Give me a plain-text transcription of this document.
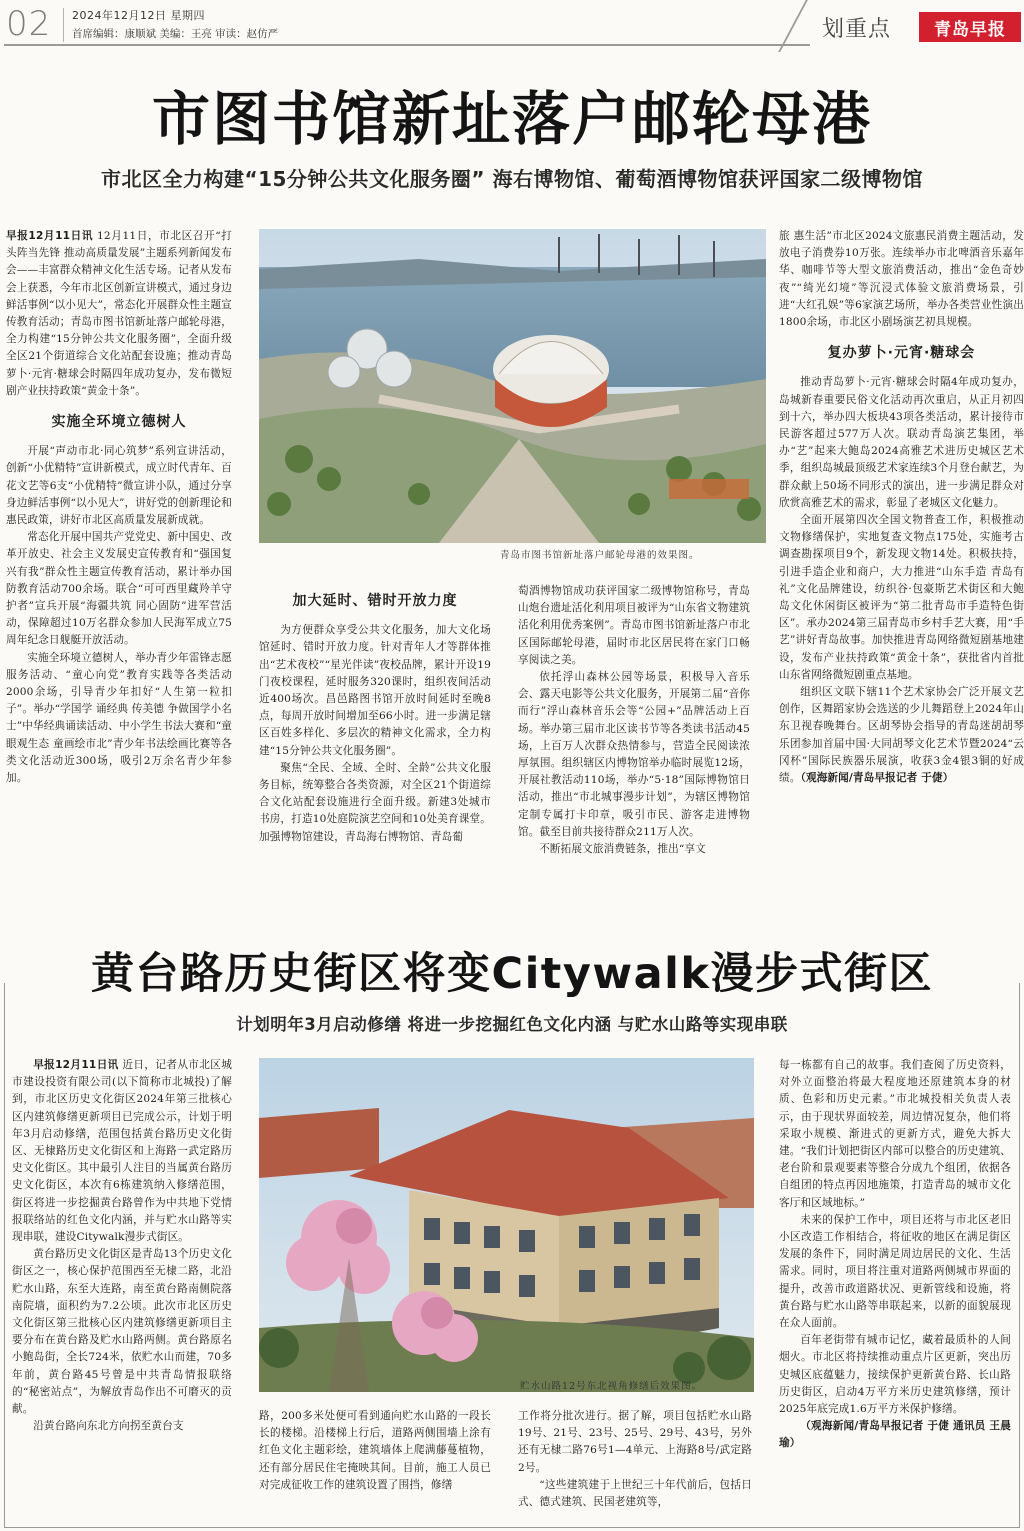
02 2024年12月12日 星期四
首席编辑：康顺斌 美编：王亮 审读：赵仿严	划重点	青岛早报
市图书馆新址落户邮轮母港
市北区全力构建“15分钟公共文化服务圈” 海右博物馆、葡萄酒博物馆获评国家二级博物馆

早报12月11日讯 12月11日，市北区召开“打头阵当先锋 推动高质量发展”主题系列新闻发布会——丰富群众精神文化生活专场。记者从发布会上获悉，今年市北区创新宣讲模式，通过身边鲜活事例“以小见大”，常态化开展群众性主题宣传教育活动；青岛市图书馆新址落户邮轮母港，全力构建“15分钟公共文化服务圈”，全面升级全区21个街道综合文化站配套设施；推动青岛萝卜·元宵·糖球会时隔四年成功复办，发布微短剧产业扶持政策“黄金十条”。

实施全环境立德树人

开展“声动市北·同心筑梦”系列宣讲活动，创新“小优精特”宣讲新模式，成立时代青年、百花文艺等6支“小优精特”微宣讲小队，通过分享身边鲜活事例“以小见大”，讲好党的创新理论和惠民政策，讲好市北区高质量发展新成就。

常态化开展中国共产党党史、新中国史、改革开放史、社会主义发展史宣传教育和“强国复兴有我”群众性主题宣传教育活动，累计举办国防教育活动700余场。联合“可可西里藏羚羊守护者”宣兵开展“海疆共筑 同心固防”进军营活动，保障超过10万名群众参加人民海军成立75周年纪念日舰艇开放活动。

实施全环境立德树人，举办青少年雷锋志愿服务活动、“童心向党”教育实践等各类活动2000余场，引导青少年扣好“人生第一粒扣子”。举办“学国学 诵经典 传美德 争做国学小名士”中华经典诵读活动、中小学生书法大赛和“童眼观生态 童画绘市北”青少年书法绘画比赛等各类文化活动近300场，吸引2万余名青少年参加。

青岛市图书馆新址落户邮轮母港的效果图。
加大延时、错时开放力度

为方便群众享受公共文化服务，加大文化场馆延时、错时开放力度。针对青年人才等群体推出“艺术夜校”“星光伴读”夜校品牌，累计开设19门夜校课程，延时服务320课时，组织夜间活动近400场次。昌邑路图书馆开放时间延时至晚8点，每周开放时间增加至66小时。进一步满足辖区百姓多样化、多层次的精神文化需求，全力构建“15分钟公共文化服务圈”。

聚焦“全民、全域、全时、全龄”公共文化服务目标，统筹整合各类资源，对全区21个街道综合文化站配套设施进行全面升级。新建3处城市书房，打造10处庭院演艺空间和10处美育课堂。加强博物馆建设，青岛海右博物馆、青岛葡

萄酒博物馆成功获评国家二级博物馆称号，青岛山炮台遗址活化利用项目被评为“山东省文物建筑活化利用优秀案例”。青岛市图书馆新址落户市北区国际邮轮母港，届时市北区居民将在家门口畅享阅读之美。

依托浮山森林公园等场景，积极导入音乐会、露天电影等公共文化服务，开展第二届“音你而行”浮山森林音乐会等“公园+”品牌活动上百场。举办第三届市北区读书节等各类读书活动45场，上百万人次群众热情参与，营造全民阅读浓厚氛围。组织辖区内博物馆举办临时展览12场，开展社教活动110场，举办“5·18”国际博物馆日活动，推出“市北城事漫步计划”，为辖区博物馆定制专属打卡印章，吸引市民、游客走进博物馆。截至目前共接待群众211万人次。

不断拓展文旅消费链条，推出“享文

旅 惠生活”市北区2024文旅惠民消费主题活动，发放电子消费券10万张。连续举办市北啤酒音乐嘉年华、咖啡节等大型文旅消费活动，推出“金色奇妙夜”“绮光幻境”等沉浸式体验文旅消费场景，引进“大红孔娱”等6家演艺场所，举办各类营业性演出1800余场，市北区小剧场演艺初具规模。

复办萝卜·元宵·糖球会

推动青岛萝卜·元宵·糖球会时隔4年成功复办，岛城新春重要民俗文化活动再次重启，从正月初四到十六，举办四大板块43项各类活动，累计接待市民游客超过577万人次。联动青岛演艺集团，举办“艺”起来大鲍岛2024高雅艺术进历史城区艺术季，组织岛城最顶级艺术家连续3个月登台献艺，为群众献上50场不同形式的演出，进一步满足群众对欣赏高雅艺术的需求，彰显了老城区文化魅力。

全面开展第四次全国文物普查工作，积极推动文物修缮保护，实地复查文物点175处，实施考古调查勘探项目9个，新发现文物14处。积极扶持，引进手造企业和商户，大力推进“山东手造 青岛有礼”文化品牌建设，纺织谷·包豪斯艺术街区和大鲍岛文化休闲街区被评为“第二批青岛市手造特色街区”。承办2024第三届青岛市乡村手艺大赛，用“手艺”讲好青岛故事。加快推进青岛网络微短剧基地建设，发布产业扶持政策“黄金十条”，获批省内首批山东省网络微短剧重点基地。

组织区文联下辖11个艺术家协会广泛开展文艺创作，区舞蹈家协会选送的少儿舞蹈登上2024年山东卫视春晚舞台。区胡琴协会指导的青岛迷胡胡琴乐团参加首届中国·大同胡琴文化艺术节暨2024“云冈杯”国际民族器乐展演，收获3金4银3铜的好成绩。（观海新闻/青岛早报记者 于倢）

黄台路历史街区将变Citywalk漫步式街区
计划明年3月启动修缮 将进一步挖掘红色文化内涵 与贮水山路等实现串联

早报12月11日讯 近日，记者从市北区城市建设投资有限公司(以下简称市北城投)了解到，市北区历史文化街区2024年第三批核心区内建筑修缮更新项目已完成公示，计划于明年3月启动修缮，范围包括黄台路历史文化街区、无棣路历史文化街区和上海路一武定路历史文化街区。其中最引人注目的当属黄台路历史文化街区，本次有6栋建筑纳入修缮范围，街区将进一步挖掘黄台路曾作为中共地下党情报联络站的红色文化内涵，并与贮水山路等实现串联，建设Citywalk漫步式街区。

黄台路历史文化街区是青岛13个历史文化街区之一，核心保护范围西至无棣二路，北沿贮水山路，东至大连路，南至黄台路南侧院落南院墙，面积约为7.2公顷。此次市北区历史文化街区第三批核心区内建筑修缮更新项目主要分布在黄台路及贮水山路两侧。黄台路原名小鲍岛街，全长724米，依贮水山而建，70多年前，黄台路45号曾是中共青岛情报联络的“秘密站点”，为解放青岛作出不可磨灭的贡献。

沿黄台路向东北方向拐至黄台支

贮水山路12号东北视角修缮后效果图。

路，200多米处便可看到通向贮水山路的一段长长的楼梯。沿楼梯上行后，道路两侧围墙上涂有红色文化主题彩绘，建筑墙体上爬满藤蔓植物，还有部分居民住宅掩映其间。目前，施工人员已对完成征收工作的建筑设置了围挡，修缮

工作将分批次进行。据了解，项目包括贮水山路19号、21号、23号、25号、29号、43号，另外还有无棣二路76号1—4单元、上海路8号/武定路2号。

“这些建筑建于上世纪三十年代前后，包括日式、德式建筑、民国老建筑等，

每一栋都有自己的故事。我们查阅了历史资料，对外立面整治将最大程度地还原建筑本身的材质、色彩和历史元素。”市北城投相关负责人表示，由于现状界面较差，周边情况复杂，他们将采取小规模、渐进式的更新方式，避免大拆大建。“我们计划把街区内部可以整合的历史建筑、老台阶和景观要素等整合分成九个组团，依据各自组团的特点再因地施策，打造青岛的城市文化客厅和区域地标。”

未来的保护工作中，项目还将与市北区老旧小区改造工作相结合，将征收的地区在满足街区发展的条件下，同时满足周边居民的文化、生活需求。同时，项目将注重对道路两侧城市界面的提升，改善市政道路状况、更新管线和设施，将黄台路与贮水山路等串联起来，以新的面貌展现在众人面前。

百年老街带有城市记忆，藏着最质朴的人间烟火。市北区将持续推动重点片区更新，突出历史城区底蕴魅力，接续保护更新黄台路、长山路历史街区，启动4万平方米历史建筑修缮，预计2025年底完成1.6万平方米保护修缮。

（观海新闻/青岛早报记者 于倢 通讯员 王晨瑜）
